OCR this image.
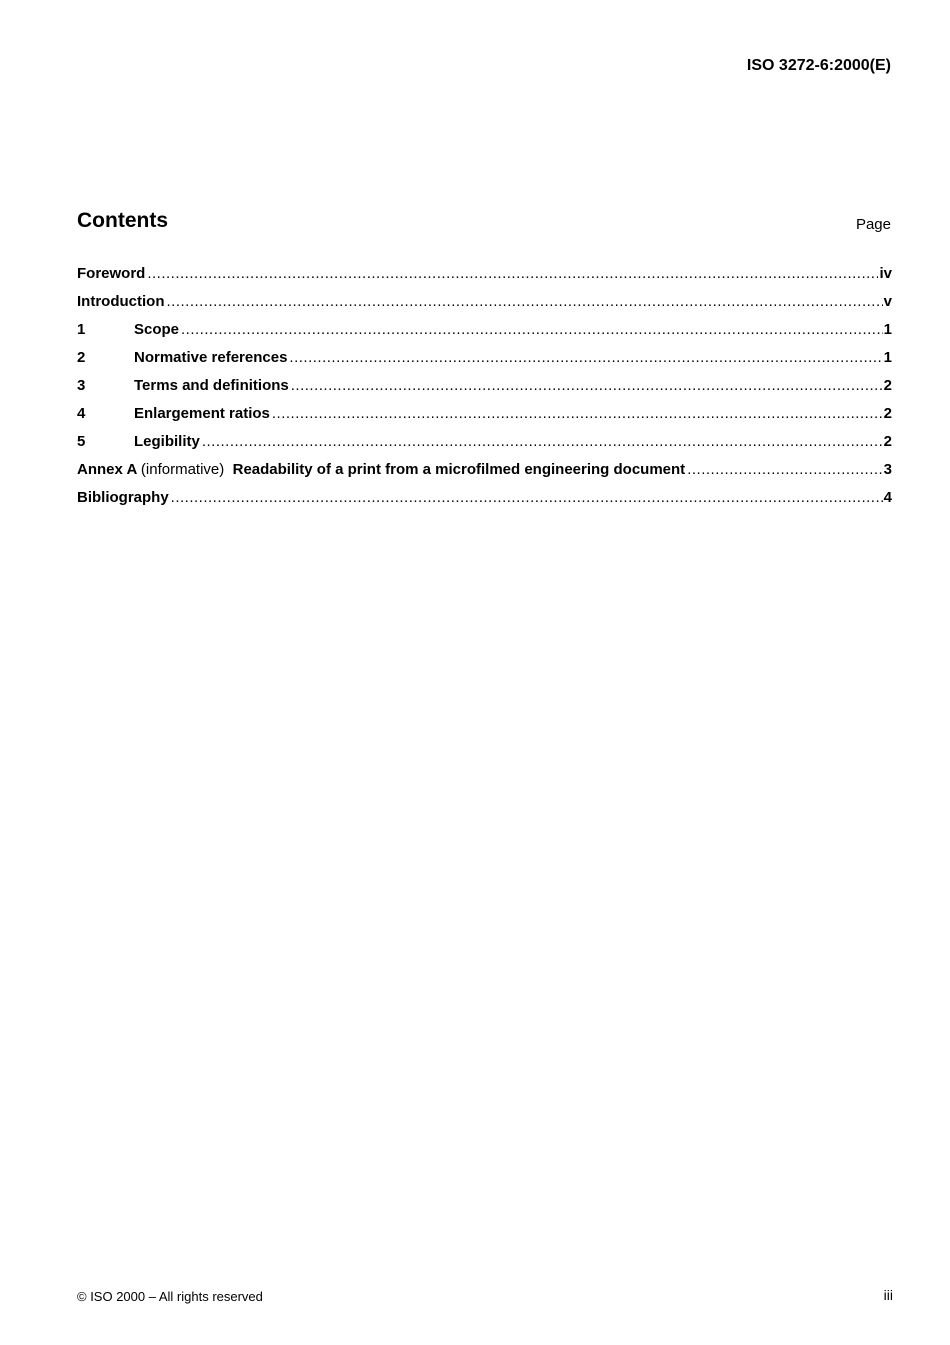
ISO 3272-6:2000(E)
Contents	Page
Foreword .....	iv
Introduction .....	v
1	Scope .....	1
2	Normative references .....	1
3	Terms and definitions .....	2
4	Enlargement ratios .....	2
5	Legibility .....	2
Annex A (informative) Readability of a print from a microfilmed engineering document .....	3
Bibliography .....	4
© ISO 2000 – All rights reserved	iii
